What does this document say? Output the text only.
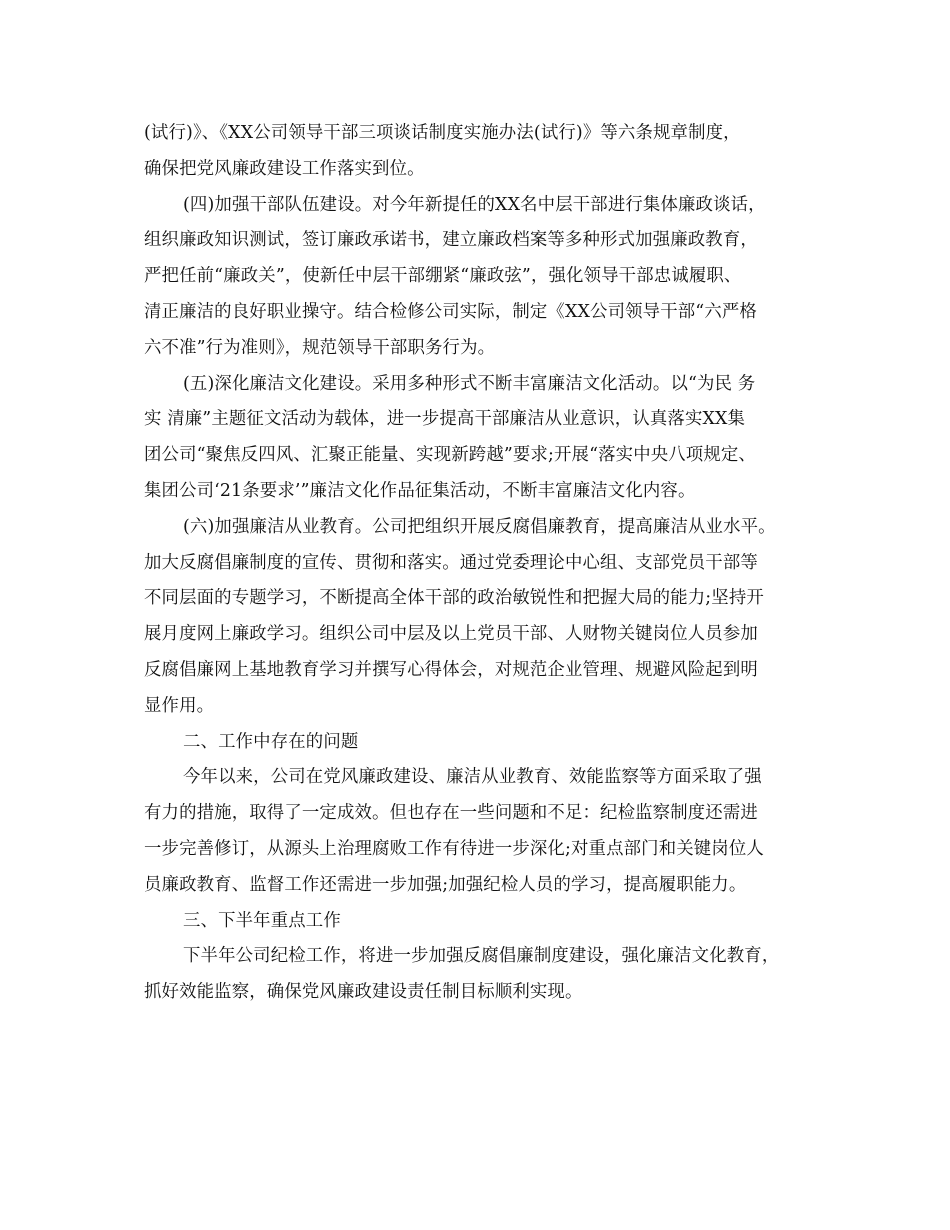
(试行)》、《XX公司领导干部三项谈话制度实施办法(试行)》等六条规章制度，
确保把党风廉政建设工作落实到位。
(四)加强干部队伍建设。对今年新提任的XX名中层干部进行集体廉政谈话，
组织廉政知识测试，签订廉政承诺书，建立廉政档案等多种形式加强廉政教育，
严把任前“廉政关”，使新任中层干部绷紧“廉政弦”，强化领导干部忠诚履职、
清正廉洁的良好职业操守。结合检修公司实际，制定《XX公司领导干部“六严格
六不准”行为准则》，规范领导干部职务行为。
(五)深化廉洁文化建设。采用多种形式不断丰富廉洁文化活动。以“为民 务
实 清廉”主题征文活动为载体，进一步提高干部廉洁从业意识，认真落实XX集
团公司“聚焦反四风、汇聚正能量、实现新跨越”要求;开展“落实中央八项规定、
集团公司‘21条要求’”廉洁文化作品征集活动，不断丰富廉洁文化内容。
(六)加强廉洁从业教育。公司把组织开展反腐倡廉教育，提高廉洁从业水平。
加大反腐倡廉制度的宣传、贯彻和落实。通过党委理论中心组、支部党员干部等
不同层面的专题学习，不断提高全体干部的政治敏锐性和把握大局的能力;坚持开
展月度网上廉政学习。组织公司中层及以上党员干部、人财物关键岗位人员参加
反腐倡廉网上基地教育学习并撰写心得体会，对规范企业管理、规避风险起到明
显作用。
二、工作中存在的问题
今年以来，公司在党风廉政建设、廉洁从业教育、效能监察等方面采取了强
有力的措施，取得了一定成效。但也存在一些问题和不足：纪检监察制度还需进
一步完善修订，从源头上治理腐败工作有待进一步深化;对重点部门和关键岗位人
员廉政教育、监督工作还需进一步加强;加强纪检人员的学习，提高履职能力。
三、下半年重点工作
下半年公司纪检工作，将进一步加强反腐倡廉制度建设，强化廉洁文化教育，
抓好效能监察，确保党风廉政建设责任制目标顺利实现。
